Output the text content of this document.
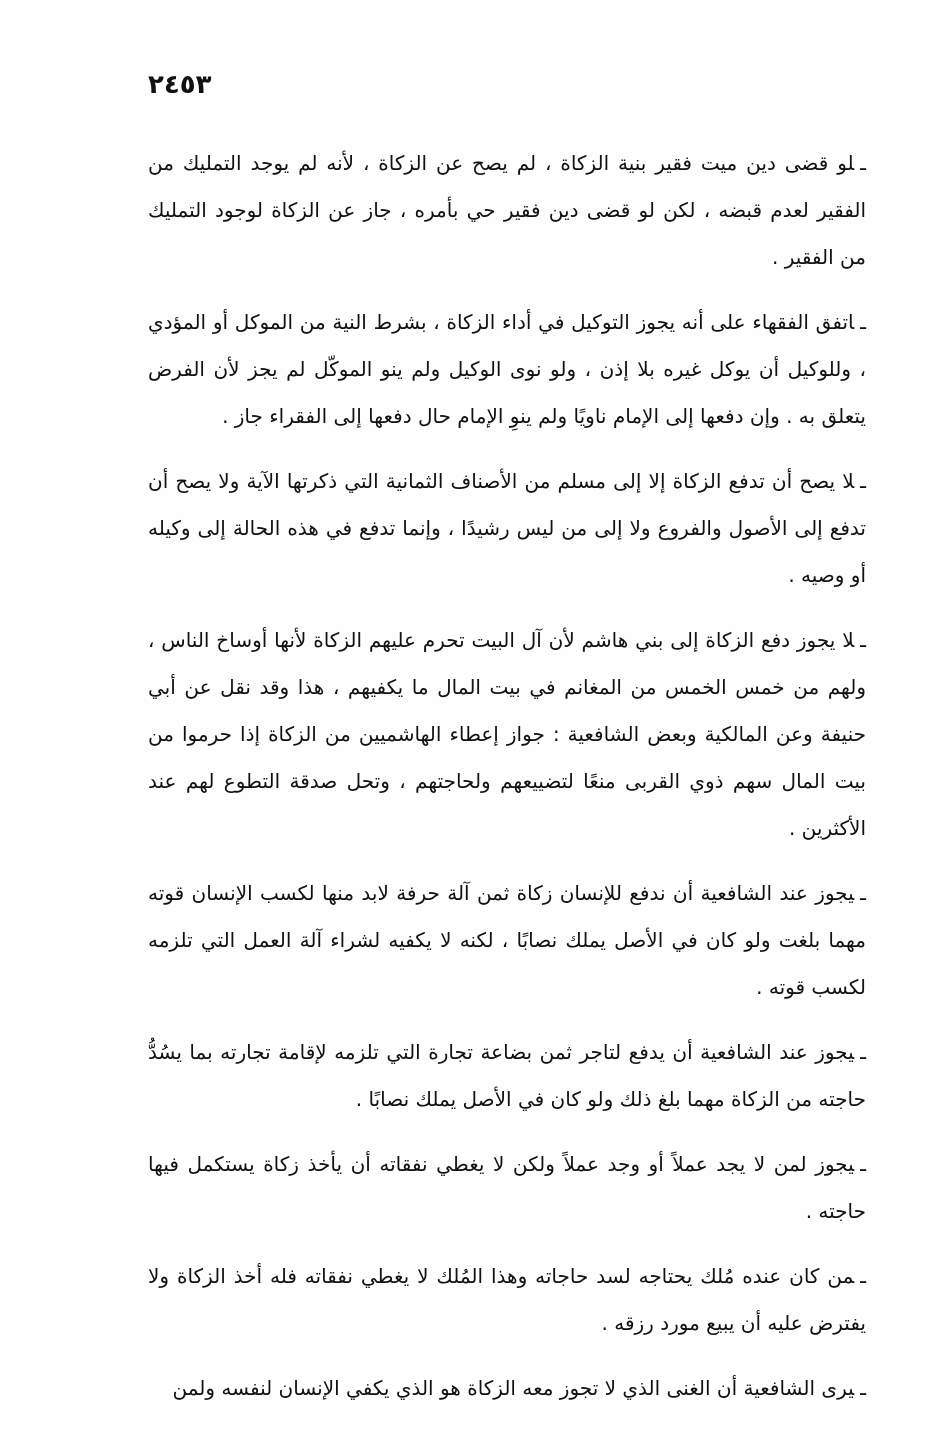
٢٤٥٣

ـلو قضى دين ميت فقير بنية الزكاة ، لم يصح عن الزكاة ، لأنه لم يوجد التمليك من الفقير لعدم قبضه ، لكن لو قضى دين فقير حي بأمره ، جاز عن الزكاة لوجود التمليك من الفقير .

ـاتفق الفقهاء على أنه يجوز التوكيل في أداء الزكاة ، بشرط النية من الموكل أو المؤدي ، وللوكيل أن يوكل غيره بلا إذن ، ولو نوى الوكيل ولم ينو الموكّل لم يجز لأن الفرض يتعلق به . وإن دفعها إلى الإمام ناويًا ولم ينوِ الإمام حال دفعها إلى الفقراء جاز .

ـلا يصح أن تدفع الزكاة إلا إلى مسلم من الأصناف الثمانية التي ذكرتها الآية ولا يصح أن تدفع إلى الأصول والفروع ولا إلى من ليس رشيدًا ، وإنما تدفع في هذه الحالة إلى وكيله أو وصيه .

ـلا يجوز دفع الزكاة إلى بني هاشم لأن آل البيت تحرم عليهم الزكاة لأنها أوساخ الناس ، ولهم من خمس الخمس من المغانم في بيت المال ما يكفيهم ، هذا وقد نقل عن أبي حنيفة وعن المالكية وبعض الشافعية : جواز إعطاء الهاشميين من الزكاة إذا حرموا من بيت المال سهم ذوي القربى منعًا لتضييعهم ولحاجتهم ، وتحل صدقة التطوع لهم عند الأكثرين .

ـيجوز عند الشافعية أن ندفع للإنسان زكاة ثمن آلة حرفة لابد منها لكسب الإنسان قوته مهما بلغت ولو كان في الأصل يملك نصابًا ، لكنه لا يكفيه لشراء آلة العمل التي تلزمه لكسب قوته .

ـيجوز عند الشافعية أن يدفع لتاجر ثمن بضاعة تجارة التي تلزمه لإقامة تجارته بما يسُدُّ حاجته من الزكاة مهما بلغ ذلك ولو كان في الأصل يملك نصابًا .

ـيجوز لمن لا يجد عملاً أو وجد عملاً ولكن لا يغطي نفقاته أن يأخذ زكاة يستكمل فيها حاجته .

ـمن كان عنده مُلك يحتاجه لسد حاجاته وهذا المُلك لا يغطي نفقاته فله أخذ الزكاة ولا يفترض عليه أن يبيع مورد رزقه .

ـيرى الشافعية أن الغنى الذي لا تجوز معه الزكاة هو الذي يكفي الإنسان لنفسه ولمن
